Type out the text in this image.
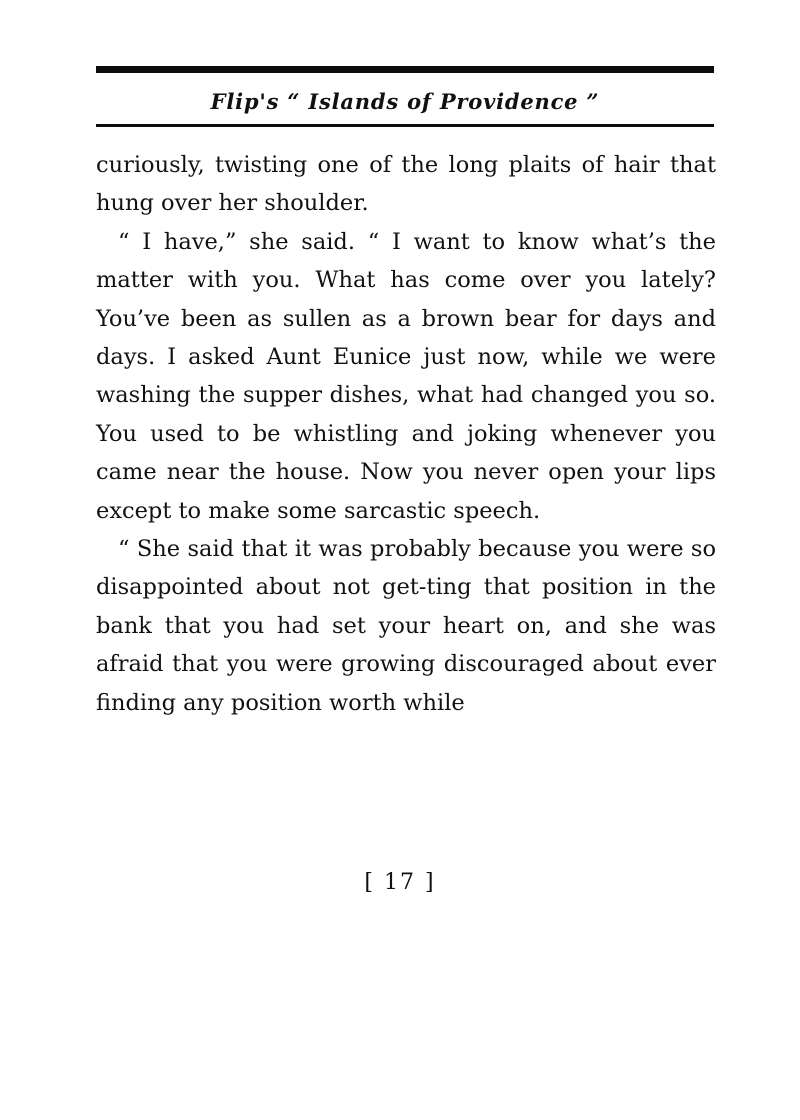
Flip's “ Islands of Providence ”

curiously, twisting one of the long plaits of hair that hung over her shoulder.

“ I have,” she said. “ I want to know what’s the matter with you. What has come over you lately? You’ve been as sullen as a brown bear for days and days. I asked Aunt Eunice just now, while we were washing the supper dishes, what had changed you so. You used to be whistling and joking whenever you came near the house. Now you never open your lips except to make some sarcastic speech.

“ She said that it was probably because you were so disappointed about not get-ting that position in the bank that you had set your heart on, and she was afraid that you were growing discouraged about ever finding any position worth while

[ 17 ]
